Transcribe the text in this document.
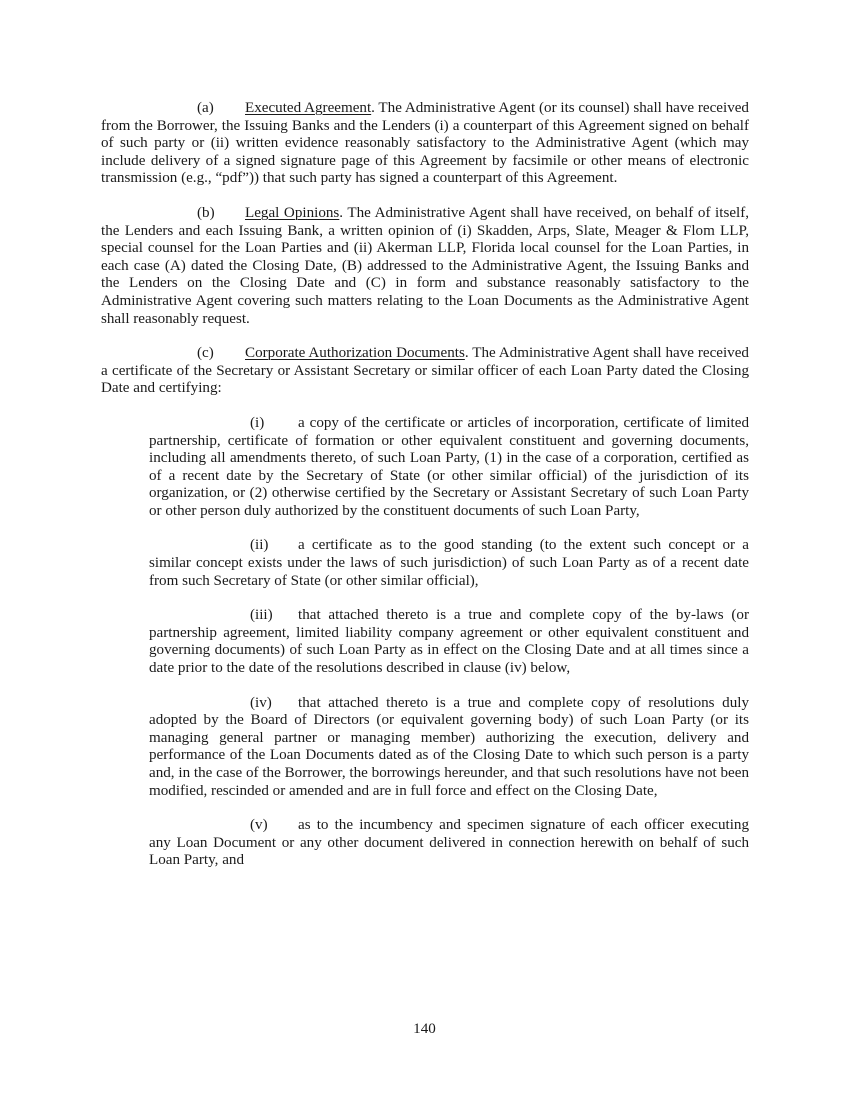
(a) Executed Agreement. The Administrative Agent (or its counsel) shall have received from the Borrower, the Issuing Banks and the Lenders (i) a counterpart of this Agreement signed on behalf of such party or (ii) written evidence reasonably satisfactory to the Administrative Agent (which may include delivery of a signed signature page of this Agreement by facsimile or other means of electronic transmission (e.g., “pdf”)) that such party has signed a counterpart of this Agreement.

(b) Legal Opinions. The Administrative Agent shall have received, on behalf of itself, the Lenders and each Issuing Bank, a written opinion of (i) Skadden, Arps, Slate, Meager & Flom LLP, special counsel for the Loan Parties and (ii) Akerman LLP, Florida local counsel for the Loan Parties, in each case (A) dated the Closing Date, (B) addressed to the Administrative Agent, the Issuing Banks and the Lenders on the Closing Date and (C) in form and substance reasonably satisfactory to the Administrative Agent covering such matters relating to the Loan Documents as the Administrative Agent shall reasonably request.

(c) Corporate Authorization Documents. The Administrative Agent shall have received a certificate of the Secretary or Assistant Secretary or similar officer of each Loan Party dated the Closing Date and certifying:

(i) a copy of the certificate or articles of incorporation, certificate of limited partnership, certificate of formation or other equivalent constituent and governing documents, including all amendments thereto, of such Loan Party, (1) in the case of a corporation, certified as of a recent date by the Secretary of State (or other similar official) of the jurisdiction of its organization, or (2) otherwise certified by the Secretary or Assistant Secretary of such Loan Party or other person duly authorized by the constituent documents of such Loan Party,

(ii) a certificate as to the good standing (to the extent such concept or a similar concept exists under the laws of such jurisdiction) of such Loan Party as of a recent date from such Secretary of State (or other similar official),

(iii) that attached thereto is a true and complete copy of the by-laws (or partnership agreement, limited liability company agreement or other equivalent constituent and governing documents) of such Loan Party as in effect on the Closing Date and at all times since a date prior to the date of the resolutions described in clause (iv) below,

(iv) that attached thereto is a true and complete copy of resolutions duly adopted by the Board of Directors (or equivalent governing body) of such Loan Party (or its managing general partner or managing member) authorizing the execution, delivery and performance of the Loan Documents dated as of the Closing Date to which such person is a party and, in the case of the Borrower, the borrowings hereunder, and that such resolutions have not been modified, rescinded or amended and are in full force and effect on the Closing Date,

(v) as to the incumbency and specimen signature of each officer executing any Loan Document or any other document delivered in connection herewith on behalf of such Loan Party, and

140
